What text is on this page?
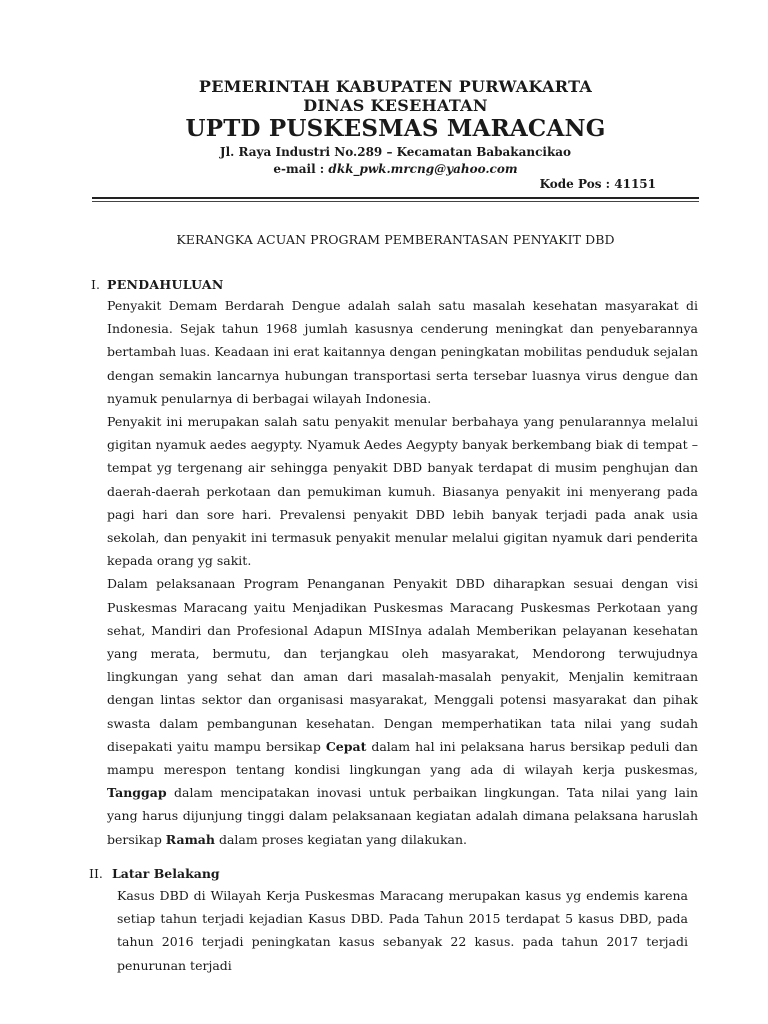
PEMERINTAH KABUPATEN PURWAKARTA
DINAS KESEHATAN
UPTD PUSKESMAS MARACANG
Jl. Raya Industri No.289 – Kecamatan Babakancikao
e-mail : dkk_pwk.mrcng@yahoo.com
Kode Pos : 41151
KERANGKA ACUAN PROGRAM PEMBERANTASAN PENYAKIT DBD
I. PENDAHULUAN

Penyakit Demam Berdarah Dengue adalah salah satu masalah kesehatan masyarakat di Indonesia. Sejak tahun 1968 jumlah kasusnya cenderung meningkat dan penyebarannya bertambah luas. Keadaan ini erat kaitannya dengan peningkatan mobilitas penduduk sejalan dengan semakin lancarnya hubungan transportasi serta tersebar luasnya virus dengue dan nyamuk penularnya di berbagai wilayah Indonesia.

Penyakit ini merupakan salah satu penyakit menular berbahaya yang penularannya melalui gigitan nyamuk aedes aegypty. Nyamuk Aedes Aegypty banyak berkembang biak di tempat – tempat yg tergenang air sehingga penyakit DBD banyak terdapat di musim penghujan dan daerah-daerah perkotaan dan pemukiman kumuh. Biasanya penyakit ini menyerang pada pagi hari dan sore hari. Prevalensi penyakit DBD lebih banyak terjadi pada anak usia sekolah, dan penyakit ini termasuk penyakit menular melalui gigitan nyamuk dari penderita kepada orang yg sakit.

Dalam pelaksanaan Program Penanganan Penyakit DBD diharapkan sesuai dengan visi Puskesmas Maracang yaitu Menjadikan Puskesmas Maracang Puskesmas Perkotaan yang sehat, Mandiri dan Profesional Adapun MISInya adalah Memberikan pelayanan kesehatan yang merata, bermutu, dan terjangkau oleh masyarakat, Mendorong terwujudnya lingkungan yang sehat dan aman dari masalah-masalah penyakit, Menjalin kemitraan dengan lintas sektor dan organisasi masyarakat, Menggali potensi masyarakat dan pihak swasta dalam pembangunan kesehatan. Dengan memperhatikan tata nilai yang sudah disepakati yaitu mampu bersikap Cepat dalam hal ini pelaksana harus bersikap peduli dan mampu merespon tentang kondisi lingkungan yang ada di wilayah kerja puskesmas, Tanggap dalam mencipatakan inovasi untuk perbaikan lingkungan. Tata nilai yang lain yang harus dijunjung tinggi dalam pelaksanaan kegiatan adalah dimana pelaksana haruslah bersikap Ramah dalam proses kegiatan yang dilakukan.

II. Latar Belakang

Kasus DBD di Wilayah Kerja Puskesmas Maracang merupakan kasus yg endemis karena setiap tahun terjadi kejadian Kasus DBD. Pada Tahun 2015 terdapat 5 kasus DBD, pada tahun 2016 terjadi peningkatan kasus sebanyak 22 kasus. pada tahun 2017 terjadi penurunan terjadi
